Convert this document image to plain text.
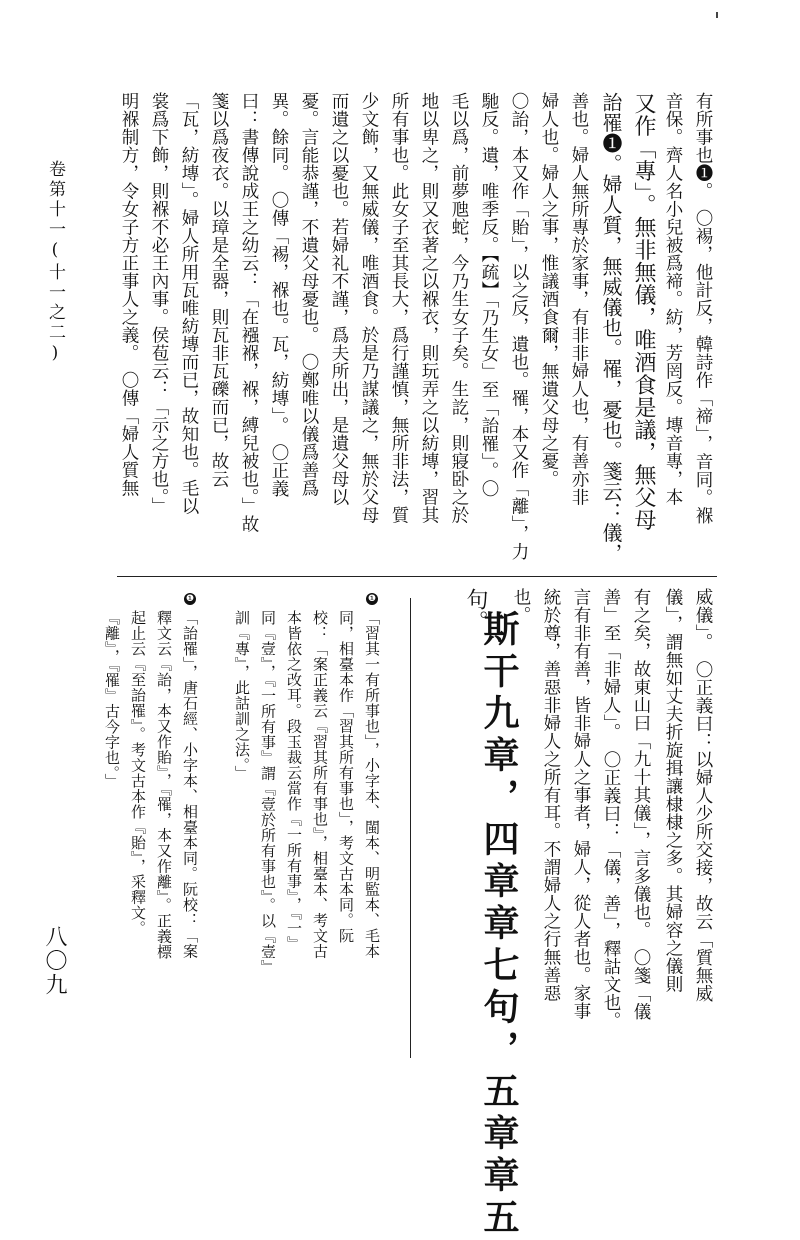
卷第十一(十一之二)
八〇九
有所事也❶。　〇裼，他計反，韓詩作「禘」，音同。褓
音保。齊人名小兒被爲褅。紡，芳罔反。塼音專，本
又作「專」。無非無儀，唯酒食是議，無父母
詒罹❶。婦人質，無威儀也。罹，憂也。箋云：儀，
善也。婦人無所專於家事，有非非婦人也，有善亦非
婦人也。婦人之事，惟議酒食爾，無遺父母之憂。
〇詒，本又作「貽」，以之反，遺也。罹，本又作「離」，力
馳反。遺，唯季反。【疏】「乃生女」至「詒罹」。〇
毛以爲，前夢虺蛇，今乃生女子矣。生訖，則寢卧之於
地以卑之，則又衣著之以褓衣，則玩弄之以紡塼，習其
所有事也。此女子至其長大，爲行謹慎，無所非法，質
少文飾，又無威儀，唯酒食。於是乃謀議之，無於父母
而遺之以憂也。若婦礼不謹，爲夫所出，是遺父母以
憂。言能恭謹，不遺父母憂也。　〇鄭唯以儀爲善爲
異。餘同。　〇傳「裼，褓也。瓦，紡塼」。　〇正義
曰：書傳說成王之幼云：「在襁褓，褓，縛兒被也。」故
箋以爲夜衣。以璋是全器，則瓦非瓦礫而已，故云
「瓦，紡塼」。婦人所用瓦唯紡塼而已，故知也。毛以
裳爲下飾，則褓不必王內事。侯苞云：「示之方也。」
明褓制方，令女子方正事人之義。　〇傳「婦人質無
威儀」。　〇正義曰：以婦人少所交接，故云「質無威
儀」，謂無如丈夫折旋揖讓棣棣之多。其婦容之儀則
有之矣，故東山曰「九十其儀」，言多儀也。　〇箋「儀
善」至「非婦人」。　〇正義曰：「儀，善」，釋詁文也。
言有非有善，皆非婦人之事者，婦人，從人者也。家事
統於尊，善惡非婦人之所有耳。不謂婦人之行無善惡
也。
斯干九章，四章章七句，五章章五
句。
❶
「習其一有所事也」，小字本、閩本、明監本、毛本
同，相臺本作「習其所有事也」，考文古本同。阮
校：「案正義云『習其所有事也』，相臺本、考文古
本皆依之改耳。段玉裁云當作『一所有事』，『一』
同『壹』，『一所有事』謂『壹於所有事也』。以『壹』
訓『專』，此詁訓之法。」
❶
「詒罹」，唐石經、小字本、相臺本同。阮校：「案
釋文云『詒，本又作貽』，『罹，本又作離』。正義標
起止云『至詒罹』。考文古本作『貽』，采釋文。
『離』，『罹』古今字也。」
